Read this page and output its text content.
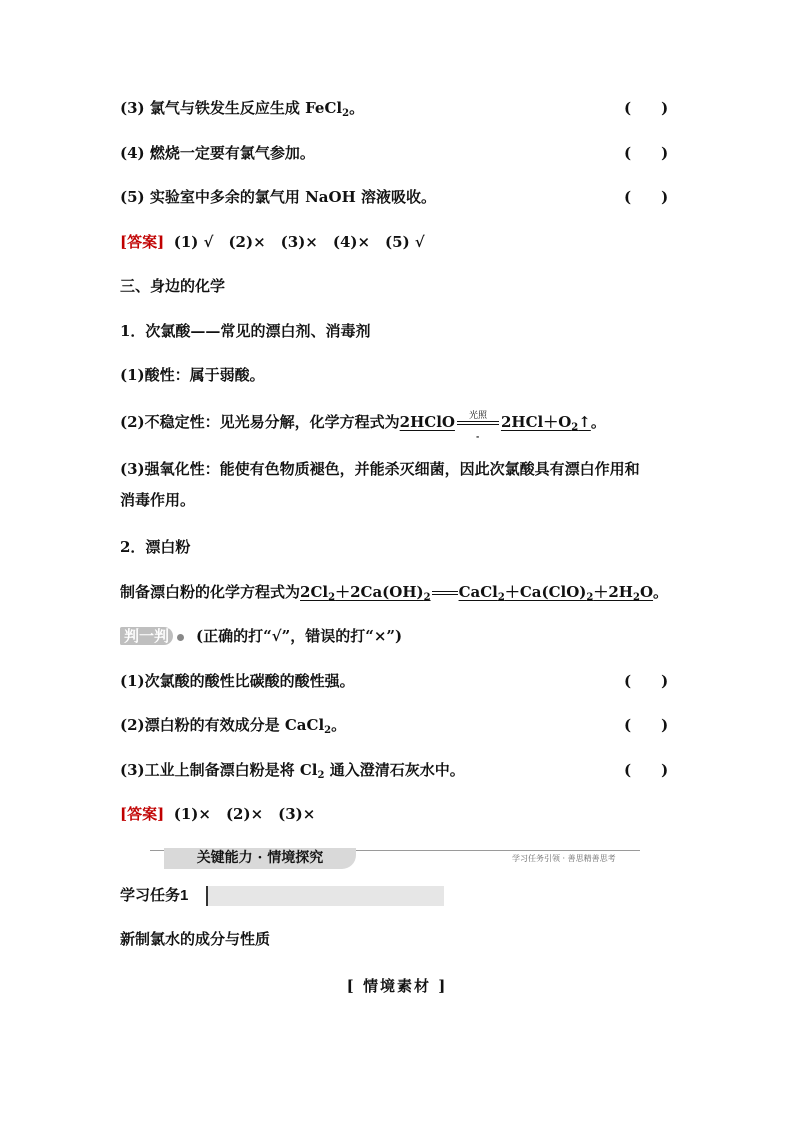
(3) 氯气与铁发生反应生成 FeCl$_2$。	(　　)
(4) 燃烧一定要有氯气参加。	(　　)
(5) 实验室中多余的氯气用 NaOH 溶液吸收。	(　　)
[答案] (1) √　(2)×　(3)×　(4)×　(5) √
三、身边的化学
1．次氯酸——常见的漂白剂、消毒剂
(1)酸性：属于弱酸。
(2)不稳定性：见光易分解，化学方程式为2HClO	光照
-
$2HCl+O_2↑$。
(3)强氧化性：能使有色物质褪色，并能杀灭细菌，因此次氯酸具有漂白作用和
消毒作用。
2．漂白粉
制备漂白粉的化学方程式为$2Cl_2+2Ca(OH)_2$ $CaCl_2+Ca(ClO)_2+2H_2O$。
判一判 (正确的打“√”，错误的打“×”)
(1)次氯酸的酸性比碳酸的酸性强。	(　　)
(2)漂白粉的有效成分是 CaCl$_2$。	(　　)
(3)工业上制备漂白粉是将 $Cl_2$ 通入澄清石灰水中。	(　　)
[答案] (1)×　(2)×　(3)×
关键能力 · 情境探究	学习任务引领 · 善思精善思考
学习任务1
新制氯水的成分与性质
[ 情境素材 ]
